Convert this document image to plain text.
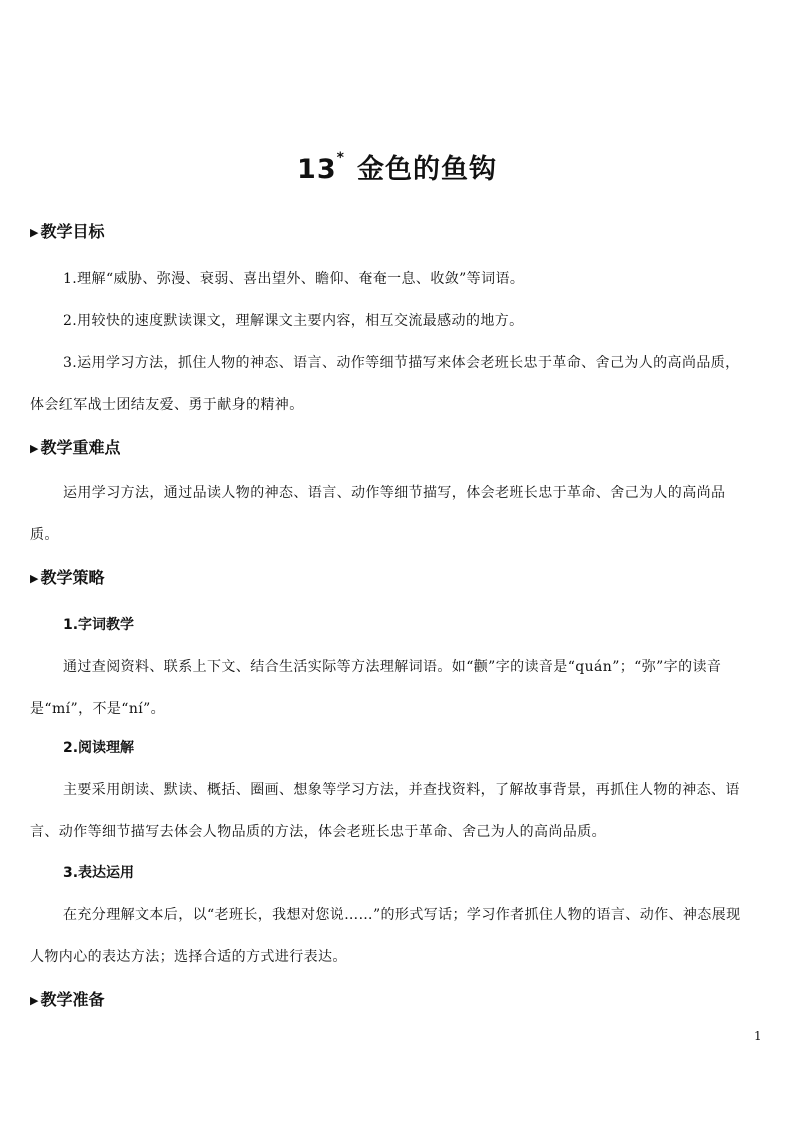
13* 金色的鱼钩
▶ 教学目标

1.理解“威胁、弥漫、衰弱、喜出望外、瞻仰、奄奄一息、收敛”等词语。

2.用较快的速度默读课文，理解课文主要内容，相互交流最感动的地方。

3.运用学习方法，抓住人物的神态、语言、动作等细节描写来体会老班长忠于革命、舍己为人的高尚品质，体会红军战士团结友爱、勇于献身的精神。

▶ 教学重难点

运用学习方法，通过品读人物的神态、语言、动作等细节描写，体会老班长忠于革命、舍己为人的高尚品质。

▶ 教学策略
1.字词教学

通过查阅资料、联系上下文、结合生活实际等方法理解词语。如“颧”字的读音是“quán”；“弥”字的读音是“mí”，不是“ní”。

2.阅读理解

主要采用朗读、默读、概括、圈画、想象等学习方法，并查找资料，了解故事背景，再抓住人物的神态、语言、动作等细节描写去体会人物品质的方法，体会老班长忠于革命、舍己为人的高尚品质。

3.表达运用

在充分理解文本后，以“老班长，我想对您说……”的形式写话；学习作者抓住人物的语言、动作、神态展现人物内心的表达方法；选择合适的方式进行表达。

▶ 教学准备
1
